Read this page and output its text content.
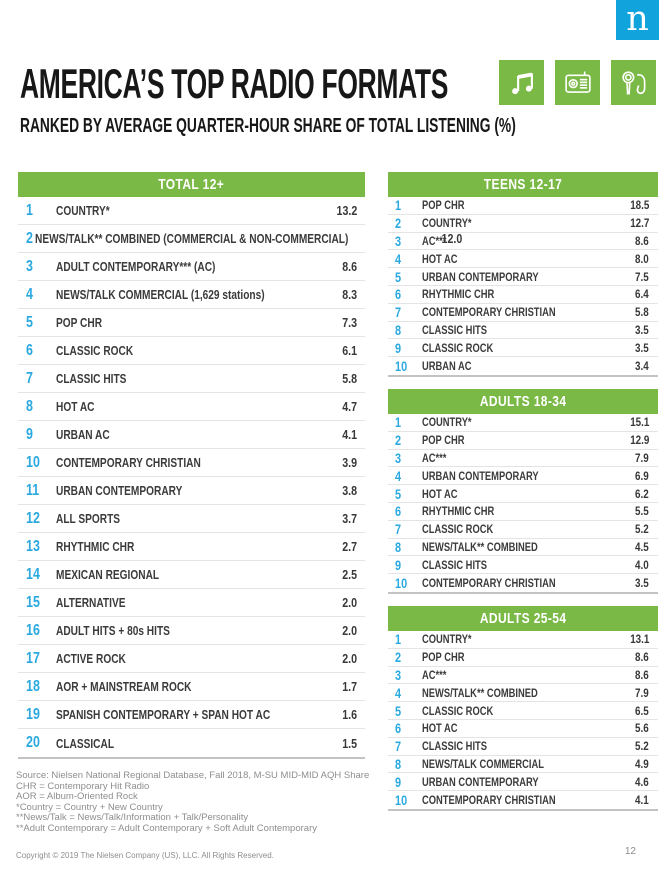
n
AMERICA’S TOP RADIO FORMATS
RANKED BY AVERAGE QUARTER-HOUR SHARE OF TOTAL LISTENING (%)
TOTAL 12+
1	COUNTRY*	13.2
2 NEWS/TALK** COMBINED (COMMERCIAL & NON-COMMERCIAL)	12.0
3	ADULT CONTEMPORARY*** (AC)	8.6
4	NEWS/TALK COMMERCIAL (1,629 stations)	8.3
5	POP CHR	7.3
6	CLASSIC ROCK	6.1
7	CLASSIC HITS	5.8
8	HOT AC	4.7
9	URBAN AC	4.1
10	CONTEMPORARY CHRISTIAN	3.9
11	URBAN CONTEMPORARY	3.8
12	ALL SPORTS	3.7
13	RHYTHMIC CHR	2.7
14	MEXICAN REGIONAL	2.5
15	ALTERNATIVE	2.0
16	ADULT HITS + 80s HITS	2.0
17	ACTIVE ROCK	2.0
18	AOR + MAINSTREAM ROCK	1.7
19	SPANISH CONTEMPORARY + SPAN HOT AC	1.6
20	CLASSICAL	1.5
TEENS 12-17
1	POP CHR	18.5
2	COUNTRY*	12.7
3	AC***	8.6
4	HOT AC	8.0
5	URBAN CONTEMPORARY	7.5
6	RHYTHMIC CHR	6.4
7	CONTEMPORARY CHRISTIAN	5.8
8	CLASSIC HITS	3.5
9	CLASSIC ROCK	3.5
10	URBAN AC	3.4
ADULTS 18-34
1	COUNTRY*	15.1
2	POP CHR	12.9
3	AC***	7.9
4	URBAN CONTEMPORARY	6.9
5	HOT AC	6.2
6	RHYTHMIC CHR	5.5
7	CLASSIC ROCK	5.2
8	NEWS/TALK** COMBINED	4.5
9	CLASSIC HITS	4.0
10	CONTEMPORARY CHRISTIAN	3.5
ADULTS 25-54
1	COUNTRY*	13.1
2	POP CHR	8.6
3	AC***	8.6
4	NEWS/TALK** COMBINED	7.9
5	CLASSIC ROCK	6.5
6	HOT AC	5.6
7	CLASSIC HITS	5.2
8	NEWS/TALK COMMERCIAL	4.9
9	URBAN CONTEMPORARY	4.6
10	CONTEMPORARY CHRISTIAN	4.1
Source: Nielsen National Regional Database, Fall 2018, M-SU MID-MID AQH Share
CHR = Contemporary Hit Radio
AOR = Album-Oriented Rock
*Country = Country + New Country
**News/Talk = News/Talk/Information + Talk/Personality
**Adult Contemporary = Adult Contemporary + Soft Adult Contemporary
Copyright © 2019 The Nielsen Company (US), LLC. All Rights Reserved.	12
